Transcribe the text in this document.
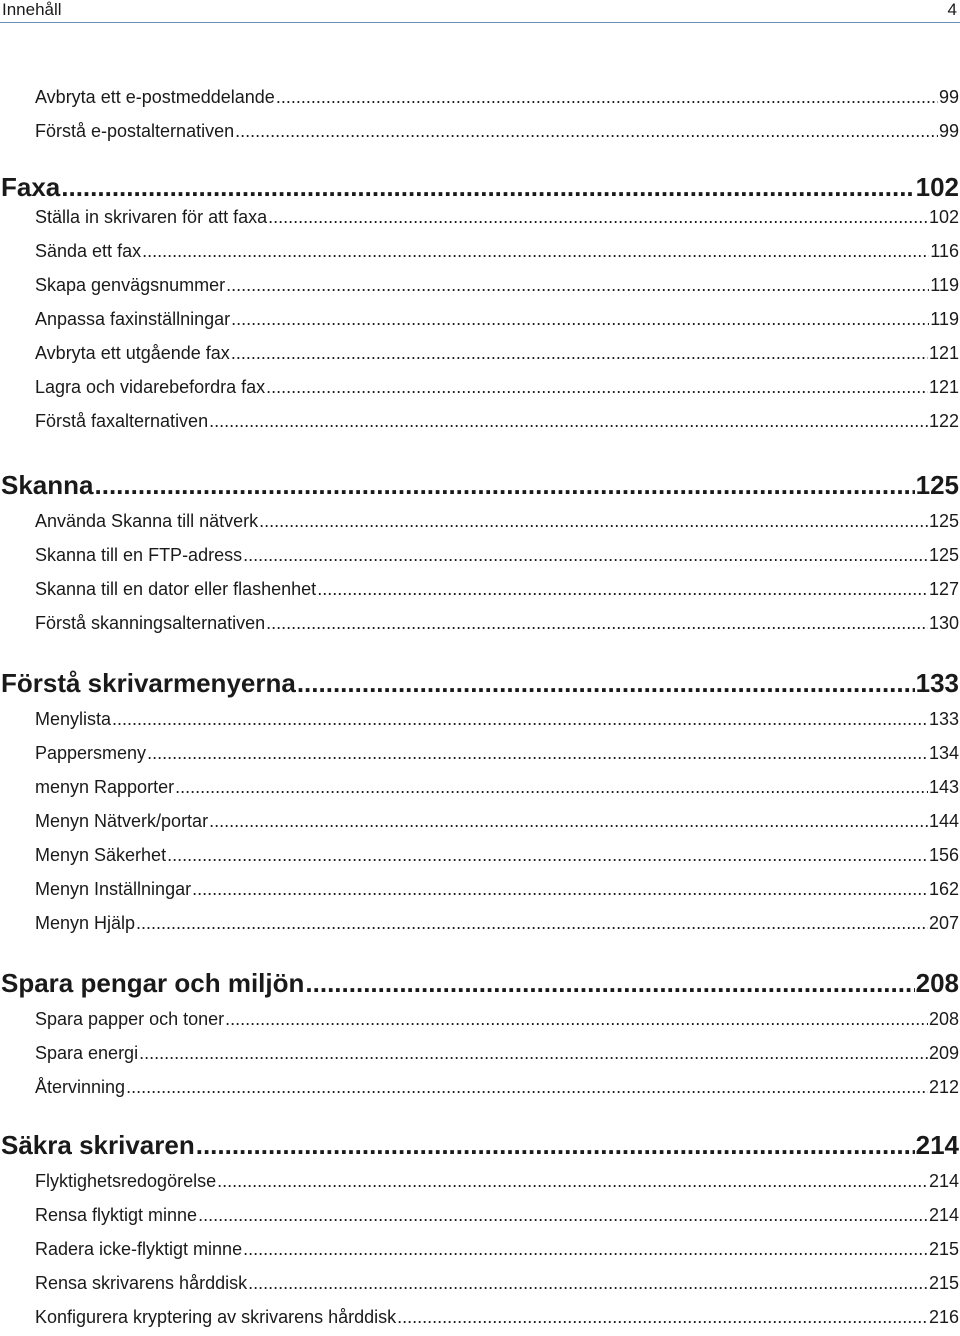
Innehåll	4
Avbryta ett e-postmeddelande .....	99
Förstå e-postalternativen .....	99
Faxa .....	102
Ställa in skrivaren för att faxa .....	102
Sända ett fax .....	116
Skapa genvägsnummer .....	119
Anpassa faxinställningar .....	119
Avbryta ett utgående fax .....	121
Lagra och vidarebefordra fax .....	121
Förstå faxalternativen .....	122
Skanna .....	125
Använda Skanna till nätverk .....	125
Skanna till en FTP-adress .....	125
Skanna till en dator eller flashenhet .....	127
Förstå skanningsalternativen .....	130
Förstå skrivarmenyerna .....	133
Menylista .....	133
Pappersmeny .....	134
menyn Rapporter .....	143
Menyn Nätverk/portar .....	144
Menyn Säkerhet .....	156
Menyn Inställningar .....	162
Menyn Hjälp .....	207
Spara pengar och miljön .....	208
Spara papper och toner .....	208
Spara energi .....	209
Återvinning .....	212
Säkra skrivaren .....	214
Flyktighetsredogörelse .....	214
Rensa flyktigt minne .....	214
Radera icke-flyktigt minne .....	215
Rensa skrivarens hårddisk .....	215
Konfigurera kryptering av skrivarens hårddisk .....	216
